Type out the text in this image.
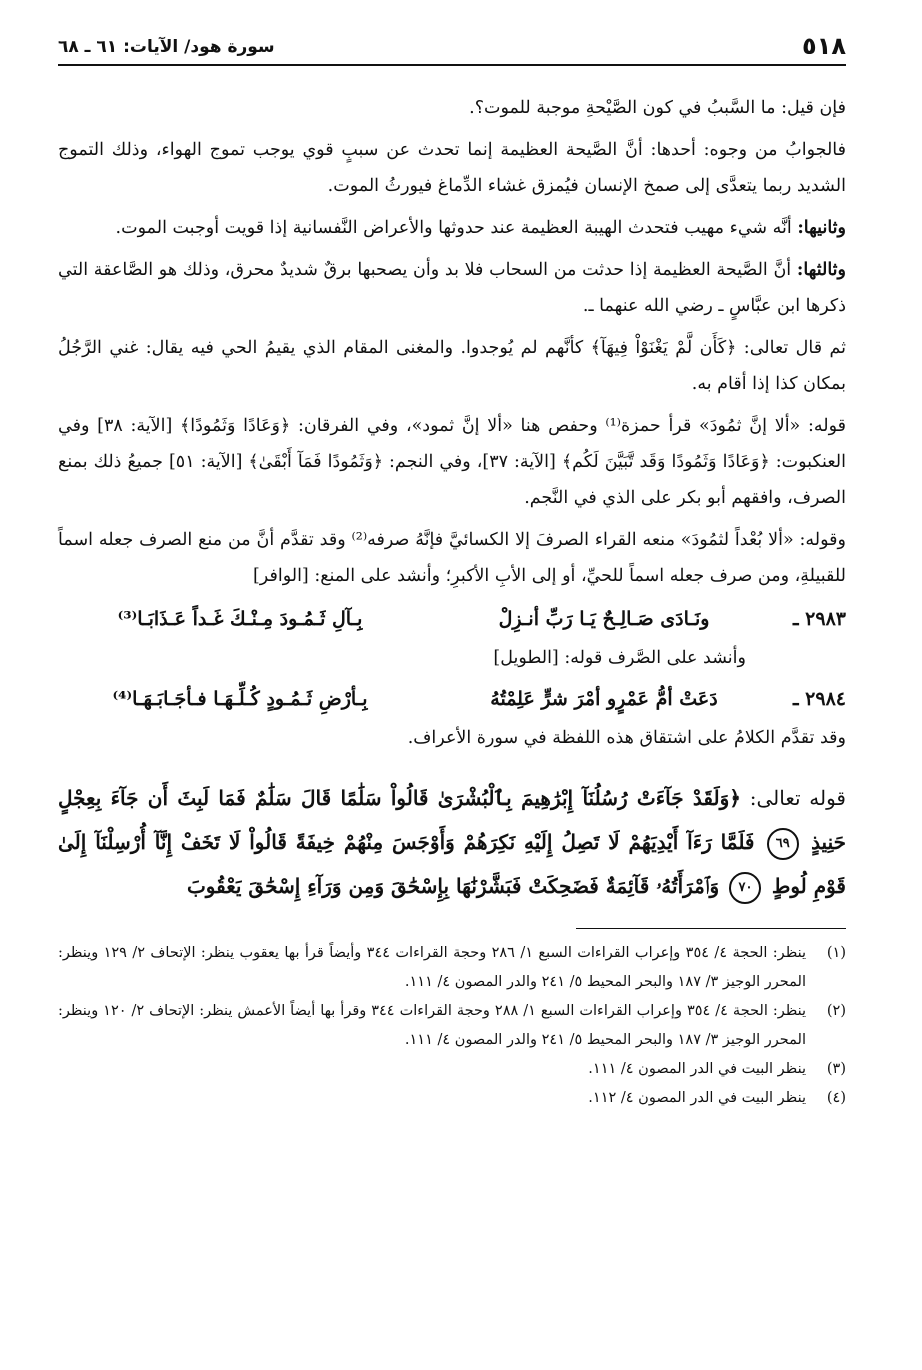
٥١٨
سورة هود/ الآيات: ٦١ ـ ٦٨

فإن قيل: ما السَّببُ في كون الصَّيْحةِ موجبة للموت؟.

فالجوابُ من وجوه: أحدها: أنَّ الصَّيحة العظيمة إنما تحدث عن سببٍ قوي يوجب تموج الهواء، وذلك التموج الشديد ربما يتعدَّى إلى صمخ الإنسان فيُمزق غشاء الدِّماغ فيورثُ الموت.

وثانيها: أنَّه شيء مهيب فتحدث الهيبة العظيمة عند حدوثها والأعراض النَّفسانية إذا قويت أوجبت الموت.

وثالثها: أنَّ الصَّيحة العظيمة إذا حدثت من السحاب فلا بد وأن يصحبها برقٌ شديدٌ محرق، وذلك هو الصَّاعقة التي ذكرها ابن عبَّاسٍ ـ رضي الله عنهما ـ.

ثم قال تعالى: ﴿كَأَن لَّمْ يَغْنَوْاْ فِيهَآ﴾ كأنَّهم لم يُوجدوا. والمغنى المقام الذي يقيمُ الحي فيه يقال: غني الرَّجُلُ بمكان كذا إذا أقام به.

قوله: «ألا إنَّ ثمُودَ» قرأ حمزة⁽¹⁾ وحفص هنا «ألا إنَّ ثمود»، وفي الفرقان: ﴿وَعَادًا وَثَمُودًا﴾ [الآية: ٣٨] وفي العنكبوت: ﴿وَعَادًا وَثَمُودًا وَقَد تَّبَيَّنَ لَكُم﴾ [الآية: ٣٧]، وفي النجم: ﴿وَثَمُودًا فَمَآ أَبْقَىٰ﴾ [الآية: ٥١] جميعُ ذلك بمنع الصرف، وافقهم أبو بكر على الذي في النَّجم.

وقوله: «ألا بُعْداً لثمُودَ» منعه القراء الصرفَ إلا الكسائيَّ فإنَّهُ صرفه⁽²⁾ وقد تقدَّم أنَّ من منع الصرف جعله اسماً للقبيلةِ، ومن صرف جعله اسماً للحيِّ، أو إلى الأبِ الأكبرِ؛ وأنشد على المنع: [الوافر]

٢٩٨٣ ـ
ونَـادَى صَـالِـحٌ يَـا رَبِّ أنـزِلْ
بِـآلِ ثَـمُـودَ مِـنْـكَ غَـداً عَـذَابَـا⁽³⁾

وأنشد على الصَّرف قوله: [الطويل]

٢٩٨٤ ـ
دَعَتْ أمُّ عَمْرٍو أمْرَ شرٍّ عَلِمْتُهُ
بِـأرْضِ ثَـمُـودٍ كُـلِّـهَـا فـأجَـابَـهَـا⁽⁴⁾

وقد تقدَّم الكلامُ على اشتقاق هذه اللفظة في سورة الأعراف.

قوله تعالى: ﴿وَلَقَدْ جَآءَتْ رُسُلُنَآ إِبْرَٰهِيمَ بِٱلْبُشْرَىٰ قَالُواْ سَلَٰمًا قَالَ سَلَٰمٌ فَمَا لَبِثَ أَن جَآءَ بِعِجْلٍ حَنِيذٍ ٦٩ فَلَمَّا رَءَآ أَيْدِيَهُمْ لَا تَصِلُ إِلَيْهِ نَكِرَهُمْ وَأَوْجَسَ مِنْهُمْ خِيفَةً قَالُواْ لَا تَخَفْ إِنَّآ أُرْسِلْنَآ إِلَىٰ قَوْمِ لُوطٍ ٧٠ وَٱمْرَأَتُهُۥ قَآئِمَةٌ فَضَحِكَتْ فَبَشَّرْنَٰهَا بِإِسْحَٰقَ وَمِن وَرَآءِ إِسْحَٰقَ يَعْقُوبَ

(١)
ينظر: الحجة ٤/ ٣٥٤ وإعراب القراءات السبع ١/ ٢٨٦ وحجة القراءات ٣٤٤ وأيضاً قرأ بها يعقوب ينظر: الإتحاف ٢/ ١٢٩ وينظر: المحرر الوجيز ٣/ ١٨٧ والبحر المحيط ٥/ ٢٤١ والدر المصون ٤/ ١١١.
(٢)
ينظر: الحجة ٤/ ٣٥٤ وإعراب القراءات السبع ١/ ٢٨٨ وحجة القراءات ٣٤٤ وقرأ بها أيضاً الأعمش ينظر: الإتحاف ٢/ ١٢٠ وينظر: المحرر الوجيز ٣/ ١٨٧ والبحر المحيط ٥/ ٢٤١ والدر المصون ٤/ ١١١.
(٣)
ينظر البيت في الدر المصون ٤/ ١١١.
(٤)
ينظر البيت في الدر المصون ٤/ ١١٢.
